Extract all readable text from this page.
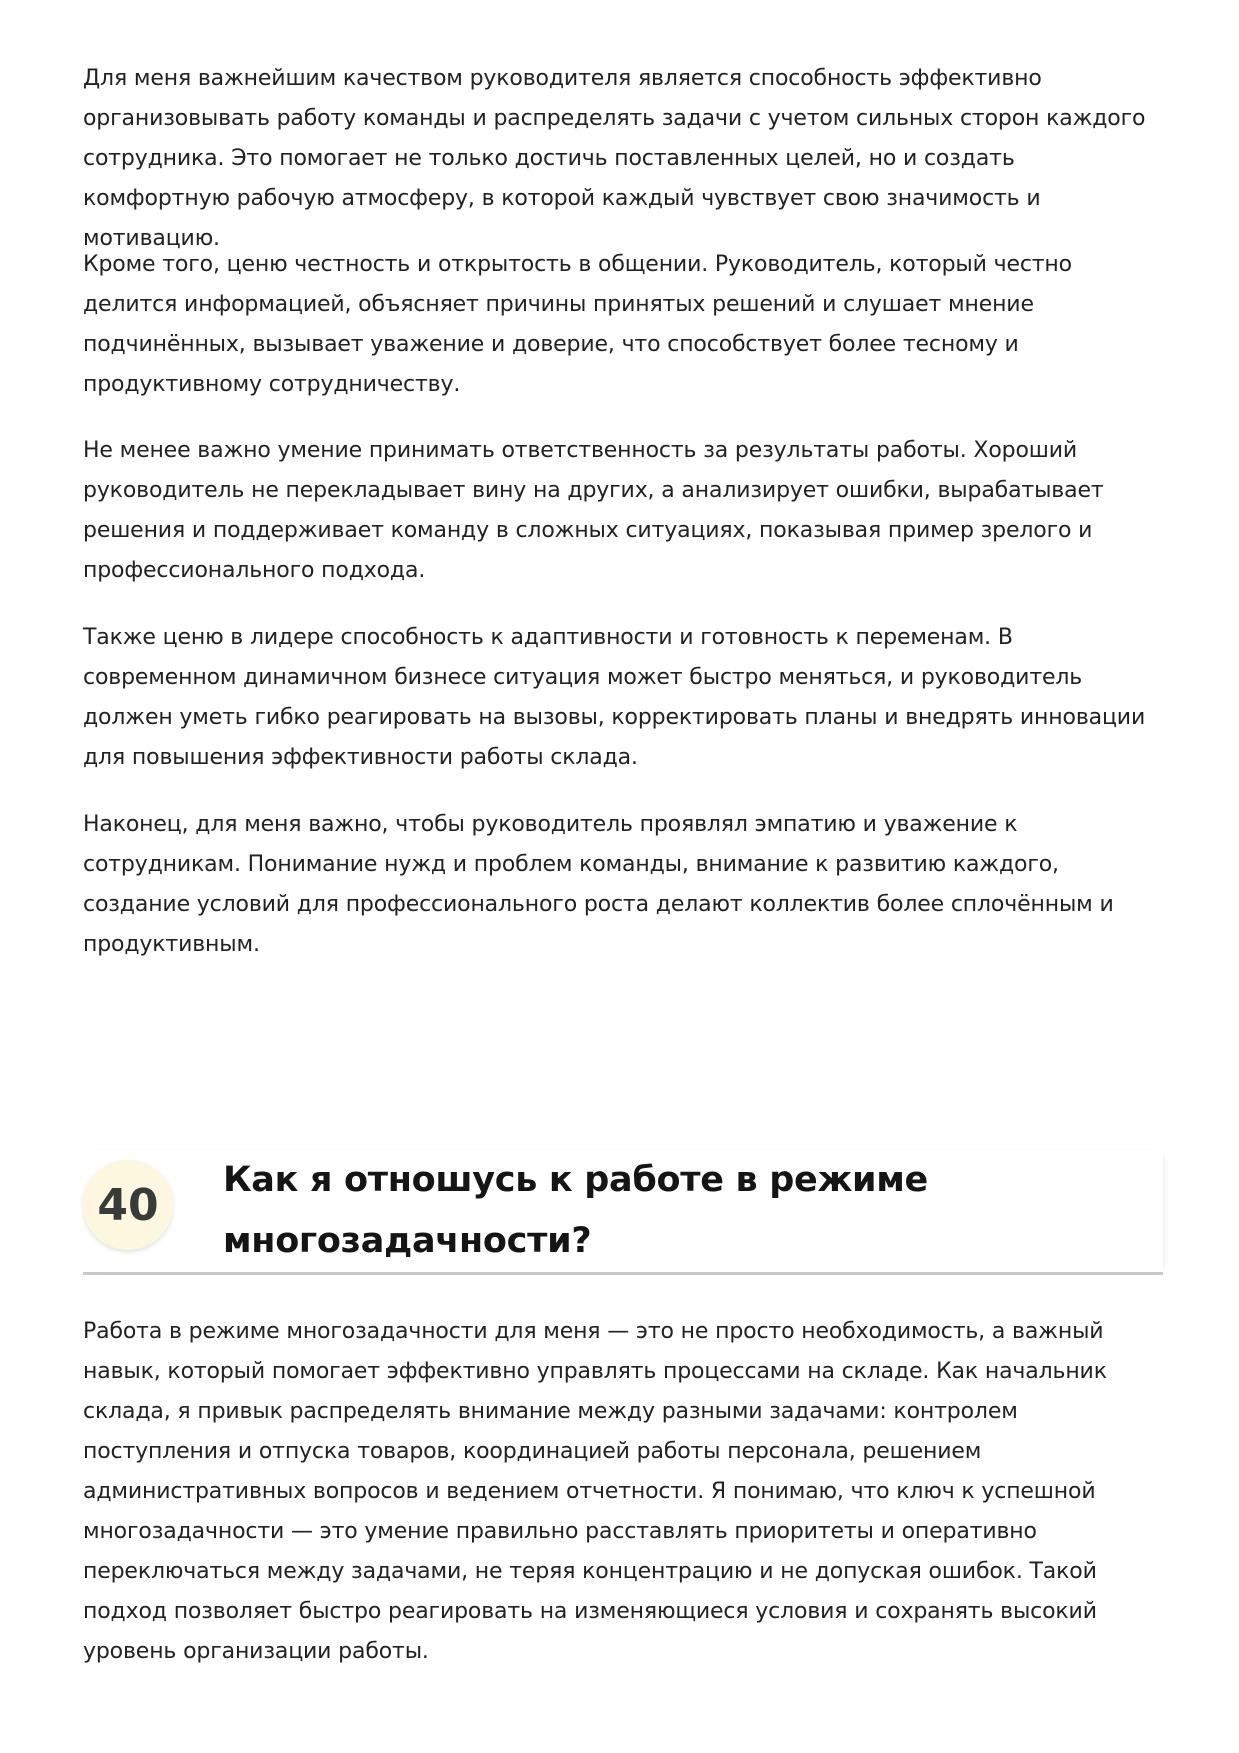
Для меня важнейшим качеством руководителя является способность эффективно организовывать работу команды и распределять задачи с учетом сильных сторон каждого сотрудника. Это помогает не только достичь поставленных целей, но и создать комфортную рабочую атмосферу, в которой каждый чувствует свою значимость и мотивацию.

Кроме того, ценю честность и открытость в общении. Руководитель, который честно делится информацией, объясняет причины принятых решений и слушает мнение подчинённых, вызывает уважение и доверие, что способствует более тесному и продуктивному сотрудничеству.

Не менее важно умение принимать ответственность за результаты работы. Хороший руководитель не перекладывает вину на других, а анализирует ошибки, вырабатывает решения и поддерживает команду в сложных ситуациях, показывая пример зрелого и профессионального подхода.

Также ценю в лидере способность к адаптивности и готовность к переменам. В современном динамичном бизнесе ситуация может быстро меняться, и руководитель должен уметь гибко реагировать на вызовы, корректировать планы и внедрять инновации для повышения эффективности работы склада.

Наконец, для меня важно, чтобы руководитель проявлял эмпатию и уважение к сотрудникам. Понимание нужд и проблем команды, внимание к развитию каждого, создание условий для профессионального роста делают коллектив более сплочённым и продуктивным.

40	Как я отношусь к работе в режиме многозадачности?

Работа в режиме многозадачности для меня — это не просто необходимость, а важный навык, который помогает эффективно управлять процессами на складе. Как начальник склада, я привык распределять внимание между разными задачами: контролем поступления и отпуска товаров, координацией работы персонала, решением административных вопросов и ведением отчетности. Я понимаю, что ключ к успешной многозадачности — это умение правильно расставлять приоритеты и оперативно переключаться между задачами, не теряя концентрацию и не допуская ошибок. Такой подход позволяет быстро реагировать на изменяющиеся условия и сохранять высокий уровень организации работы.
